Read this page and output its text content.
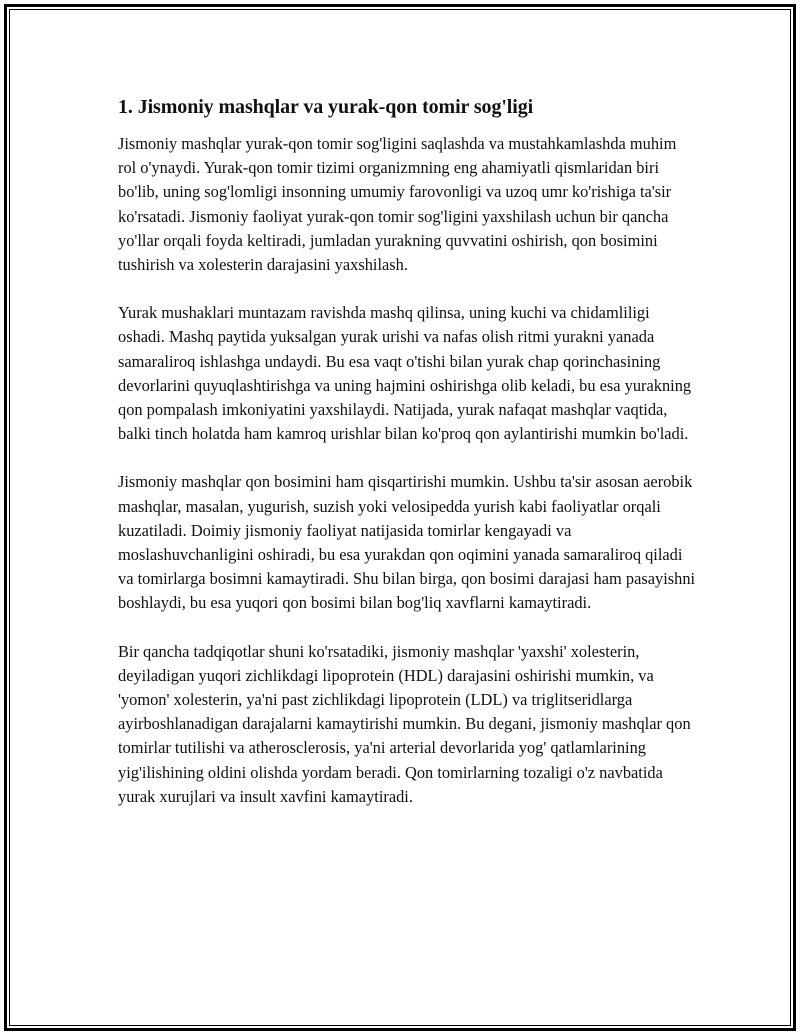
1. Jismoniy mashqlar va yurak-qon tomir sog'ligi

Jismoniy mashqlar yurak-qon tomir sog'ligini saqlashda va mustahkamlashda muhim rol o'ynaydi. Yurak-qon tomir tizimi organizmning eng ahamiyatli qismlaridan biri bo'lib, uning sog'lomligi insonning umumiy farovonligi va uzoq umr ko'rishiga ta'sir ko'rsatadi. Jismoniy faoliyat yurak-qon tomir sog'ligini yaxshilash uchun bir qancha yo'llar orqali foyda keltiradi, jumladan yurakning quvvatini oshirish, qon bosimini tushirish va xolesterin darajasini yaxshilash.

Yurak mushaklari muntazam ravishda mashq qilinsa, uning kuchi va chidamliligi oshadi. Mashq paytida yuksalgan yurak urishi va nafas olish ritmi yurakni yanada samaraliroq ishlashga undaydi. Bu esa vaqt o'tishi bilan yurak chap qorinchasining devorlarini quyuqlashtirishga va uning hajmini oshirishga olib keladi, bu esa yurakning qon pompalash imkoniyatini yaxshilaydi. Natijada, yurak nafaqat mashqlar vaqtida, balki tinch holatda ham kamroq urishlar bilan ko'proq qon aylantirishi mumkin bo'ladi.

Jismoniy mashqlar qon bosimini ham qisqartirishi mumkin. Ushbu ta'sir asosan aerobik mashqlar, masalan, yugurish, suzish yoki velosipedda yurish kabi faoliyatlar orqali kuzatiladi. Doimiy jismoniy faoliyat natijasida tomirlar kengayadi va moslashuvchanligini oshiradi, bu esa yurakdan qon oqimini yanada samaraliroq qiladi va tomirlarga bosimni kamaytiradi. Shu bilan birga, qon bosimi darajasi ham pasayishni boshlaydi, bu esa yuqori qon bosimi bilan bog'liq xavflarni kamaytiradi.

Bir qancha tadqiqotlar shuni ko'rsatadiki, jismoniy mashqlar 'yaxshi' xolesterin, deyiladigan yuqori zichlikdagi lipoprotein (HDL) darajasini oshirishi mumkin, va 'yomon' xolesterin, ya'ni past zichlikdagi lipoprotein (LDL) va triglitseridlarga ayirboshlanadigan darajalarni kamaytirishi mumkin. Bu degani, jismoniy mashqlar qon tomirlar tutilishi va atherosclerosis, ya'ni arterial devorlarida yog' qatlamlarining yig'ilishining oldini olishda yordam beradi. Qon tomirlarning tozaligi o'z navbatida yurak xurujlari va insult xavfini kamaytiradi.
